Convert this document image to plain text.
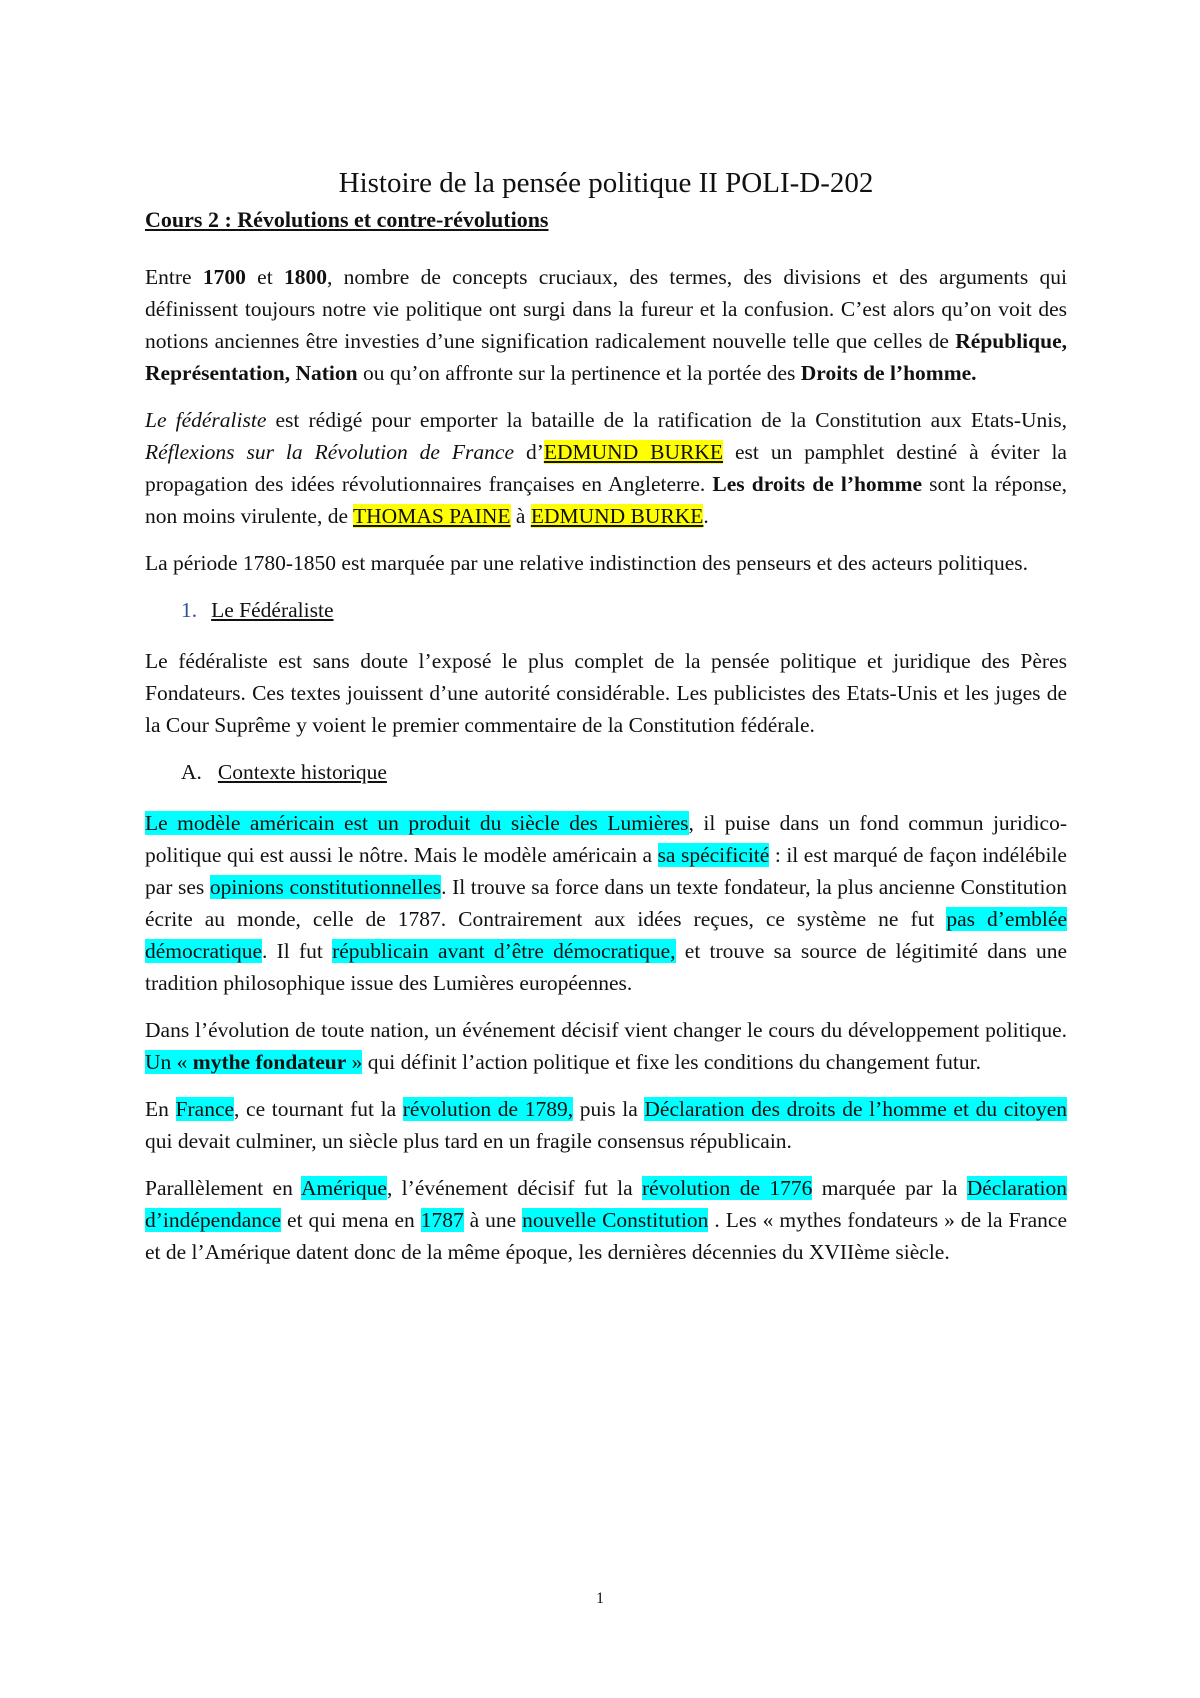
Histoire de la pensée politique II POLI-D-202
Cours 2 : Révolutions et contre-révolutions

Entre 1700 et 1800, nombre de concepts cruciaux, des termes, des divisions et des arguments qui définissent toujours notre vie politique ont surgi dans la fureur et la confusion. C’est alors qu’on voit des notions anciennes être investies d’une signification radicalement nouvelle telle que celles de République, Représentation, Nation ou qu’on affronte sur la pertinence et la portée des Droits de l’homme.

Le fédéraliste est rédigé pour emporter la bataille de la ratification de la Constitution aux Etats-Unis, Réflexions sur la Révolution de France d’EDMUND BURKE est un pamphlet destiné à éviter la propagation des idées révolutionnaires françaises en Angleterre. Les droits de l’homme sont la réponse, non moins virulente, de THOMAS PAINE à EDMUND BURKE.

La période 1780-1850 est marquée par une relative indistinction des penseurs et des acteurs politiques.

1. Le Fédéraliste

Le fédéraliste est sans doute l’exposé le plus complet de la pensée politique et juridique des Pères Fondateurs. Ces textes jouissent d’une autorité considérable. Les publicistes des Etats-Unis et les juges de la Cour Suprême y voient le premier commentaire de la Constitution fédérale.

A. Contexte historique

Le modèle américain est un produit du siècle des Lumières, il puise dans un fond commun juridico-politique qui est aussi le nôtre. Mais le modèle américain a sa spécificité : il est marqué de façon indélébile par ses opinions constitutionnelles. Il trouve sa force dans un texte fondateur, la plus ancienne Constitution écrite au monde, celle de 1787. Contrairement aux idées reçues, ce système ne fut pas d’emblée démocratique. Il fut républicain avant d’être démocratique, et trouve sa source de légitimité dans une tradition philosophique issue des Lumières européennes.

Dans l’évolution de toute nation, un événement décisif vient changer le cours du développement politique. Un « mythe fondateur » qui définit l’action politique et fixe les conditions du changement futur.

En France, ce tournant fut la révolution de 1789, puis la Déclaration des droits de l’homme et du citoyen qui devait culminer, un siècle plus tard en un fragile consensus républicain.

Parallèlement en Amérique, l’événement décisif fut la révolution de 1776 marquée par la Déclaration d’indépendance et qui mena en 1787 à une nouvelle Constitution . Les « mythes fondateurs » de la France et de l’Amérique datent donc de la même époque, les dernières décennies du XVIIème siècle.

1
